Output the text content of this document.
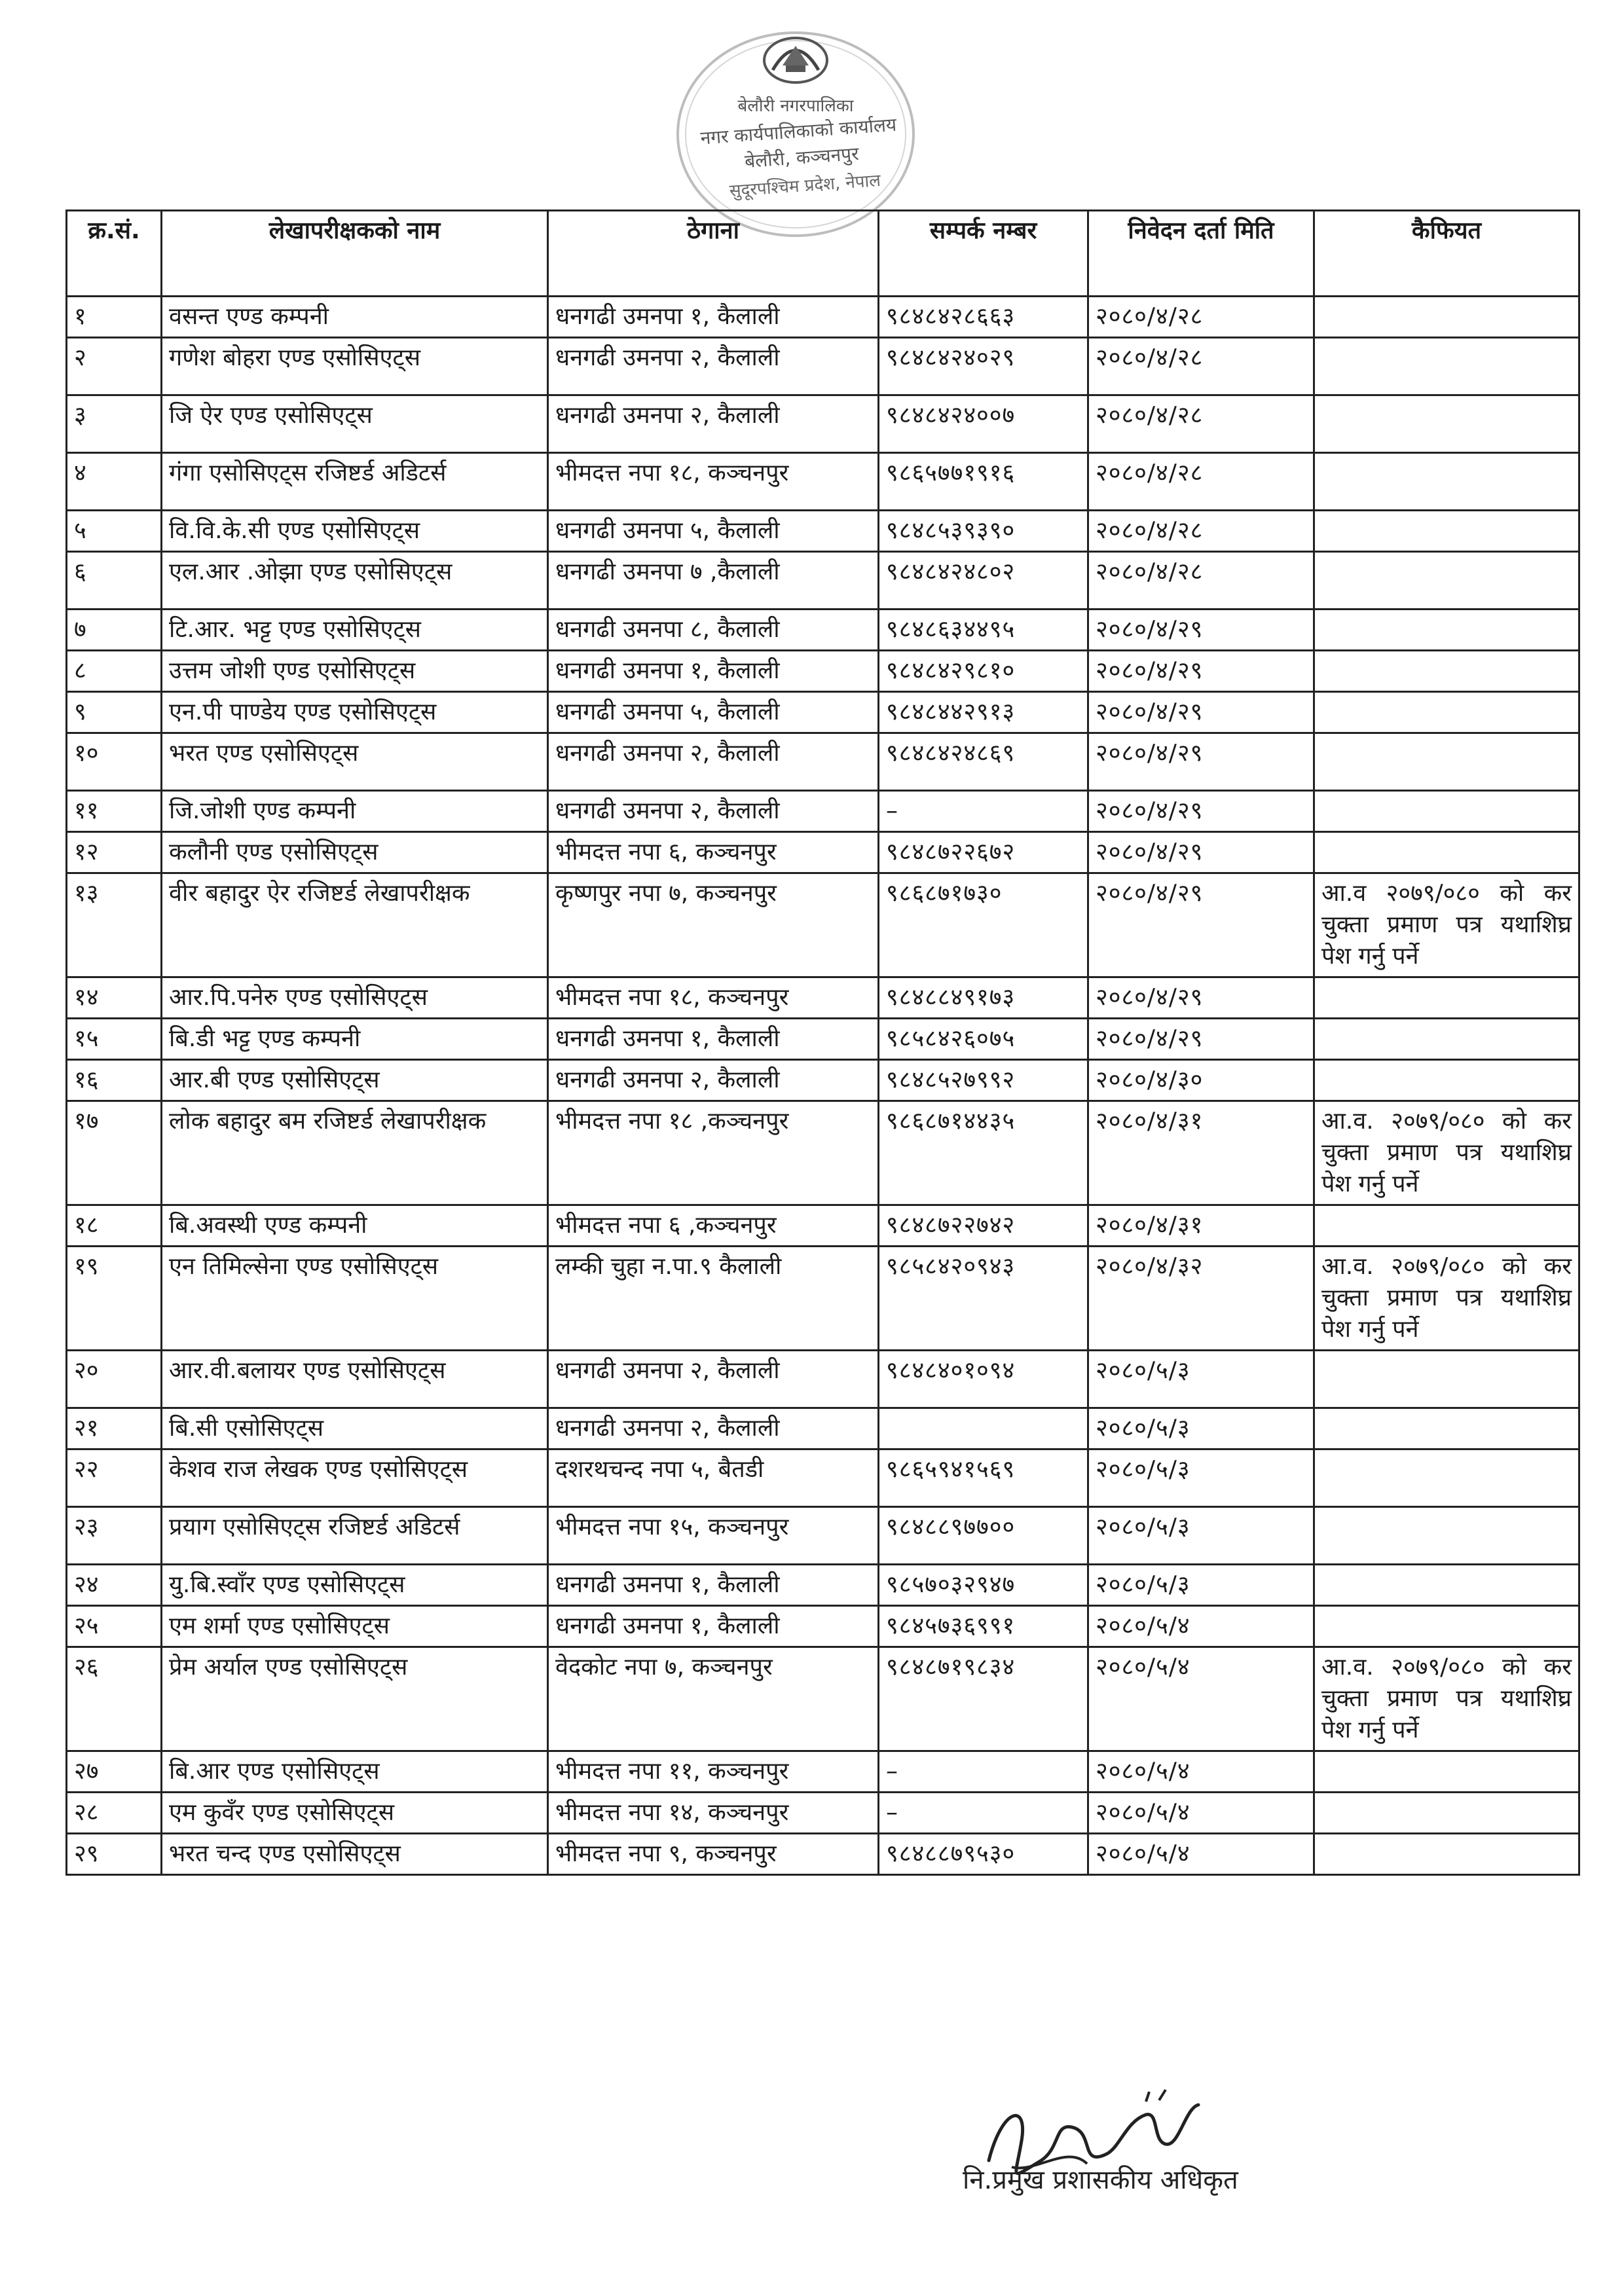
बेलौरी नगरपालिका
नगर कार्यपालिकाको कार्यालय
बेलौरी, कञ्चनपुर
सुदूरपश्चिम प्रदेश, नेपाल
क्र.सं.	लेखापरीक्षकको नाम	ठेगाना	सम्पर्क नम्बर	निवेदन दर्ता मिति	कैफियत
१	वसन्त एण्ड कम्पनी	धनगढी उमनपा १, कैलाली	९८४८४२८६६३	२०८०/४/२८	
२	गणेश बोहरा एण्ड एसोसिएट्स	धनगढी उमनपा २, कैलाली	९८४८४२४०२९	२०८०/४/२८	
३	जि ऐर एण्ड एसोसिएट्स	धनगढी उमनपा २, कैलाली	९८४८४२४००७	२०८०/४/२८	
४	गंगा एसोसिएट्स रजिष्टर्ड अडिटर्स	भीमदत्त नपा १८, कञ्चनपुर	९८६५७७१९१६	२०८०/४/२८	
५	वि.वि.के.सी एण्ड एसोसिएट्स	धनगढी उमनपा ५, कैलाली	९८४८५३९३९०	२०८०/४/२८	
६	एल.आर .ओझा एण्ड एसोसिएट्स	धनगढी उमनपा ७ ,कैलाली	९८४८४२४८०२	२०८०/४/२८	
७	टि.आर. भट्ट एण्ड एसोसिएट्स	धनगढी उमनपा ८, कैलाली	९८४८६३४४९५	२०८०/४/२९	
८	उत्तम जोशी एण्ड एसोसिएट्स	धनगढी उमनपा १, कैलाली	९८४८४२९८१०	२०८०/४/२९	
९	एन.पी पाण्डेय एण्ड एसोसिएट्स	धनगढी उमनपा ५, कैलाली	९८४८४४२९१३	२०८०/४/२९	
१०	भरत एण्ड एसोसिएट्स	धनगढी उमनपा २, कैलाली	९८४८४२४८६९	२०८०/४/२९	
११	जि.जोशी एण्ड कम्पनी	धनगढी उमनपा २, कैलाली	–	२०८०/४/२९	
१२	कलौनी एण्ड एसोसिएट्स	भीमदत्त नपा ६, कञ्चनपुर	९८४८७२२६७२	२०८०/४/२९	
१३	वीर बहादुर ऐर रजिष्टर्ड लेखापरीक्षक	कृष्णपुर नपा ७, कञ्चनपुर	९८६८७१७३०	२०८०/४/२९	आ.व २०७९/०८० को कर चुक्ता प्रमाण पत्र यथाशिघ्र पेश गर्नु पर्ने
१४	आर.पि.पनेरु एण्ड एसोसिएट्स	भीमदत्त नपा १८, कञ्चनपुर	९८४८८४९१७३	२०८०/४/२९	
१५	बि.डी भट्ट एण्ड कम्पनी	धनगढी उमनपा १, कैलाली	९८५८४२६०७५	२०८०/४/२९	
१६	आर.बी एण्ड एसोसिएट्स	धनगढी उमनपा २, कैलाली	९८४८५२७९९२	२०८०/४/३०	
१७	लोक बहादुर बम रजिष्टर्ड लेखापरीक्षक	भीमदत्त नपा १८ ,कञ्चनपुर	९८६८७१४४३५	२०८०/४/३१	आ.व. २०७९/०८० को कर चुक्ता प्रमाण पत्र यथाशिघ्र पेश गर्नु पर्ने
१८	बि.अवस्थी एण्ड कम्पनी	भीमदत्त नपा ६ ,कञ्चनपुर	९८४८७२२७४२	२०८०/४/३१	
१९	एन तिमिल्सेना एण्ड एसोसिएट्स	लम्की चुहा न.पा.९ कैलाली	९८५८४२०९४३	२०८०/४/३२	आ.व. २०७९/०८० को कर चुक्ता प्रमाण पत्र यथाशिघ्र पेश गर्नु पर्ने
२०	आर.वी.बलायर एण्ड एसोसिएट्स	धनगढी उमनपा २, कैलाली	९८४८४०१०९४	२०८०/५/३	
२१	बि.सी एसोसिएट्स	धनगढी उमनपा २, कैलाली		२०८०/५/३	
२२	केशव राज लेखक एण्ड एसोसिएट्स	दशरथचन्द नपा ५, बैतडी	९८६५९४१५६९	२०८०/५/३	
२३	प्रयाग एसोसिएट्स रजिष्टर्ड अडिटर्स	भीमदत्त नपा १५, कञ्चनपुर	९८४८८९७७००	२०८०/५/३	
२४	यु.बि.स्वाँर एण्ड एसोसिएट्स	धनगढी उमनपा १, कैलाली	९८५७०३२९४७	२०८०/५/३	
२५	एम शर्मा एण्ड एसोसिएट्स	धनगढी उमनपा १, कैलाली	९८४५७३६९९१	२०८०/५/४	
२६	प्रेम अर्याल एण्ड एसोसिएट्स	वेदकोट नपा ७, कञ्चनपुर	९८४८७१९८३४	२०८०/५/४	आ.व. २०७९/०८० को कर चुक्ता प्रमाण पत्र यथाशिघ्र पेश गर्नु पर्ने
२७	बि.आर एण्ड एसोसिएट्स	भीमदत्त नपा ११, कञ्चनपुर	–	२०८०/५/४	
२८	एम कुवँर एण्ड एसोसिएट्स	भीमदत्त नपा १४, कञ्चनपुर	–	२०८०/५/४	
२९	भरत चन्द एण्ड एसोसिएट्स	भीमदत्त नपा ९, कञ्चनपुर	९८४८८७९५३०	२०८०/५/४	
नि.प्रमुख प्रशासकीय अधिकृत
